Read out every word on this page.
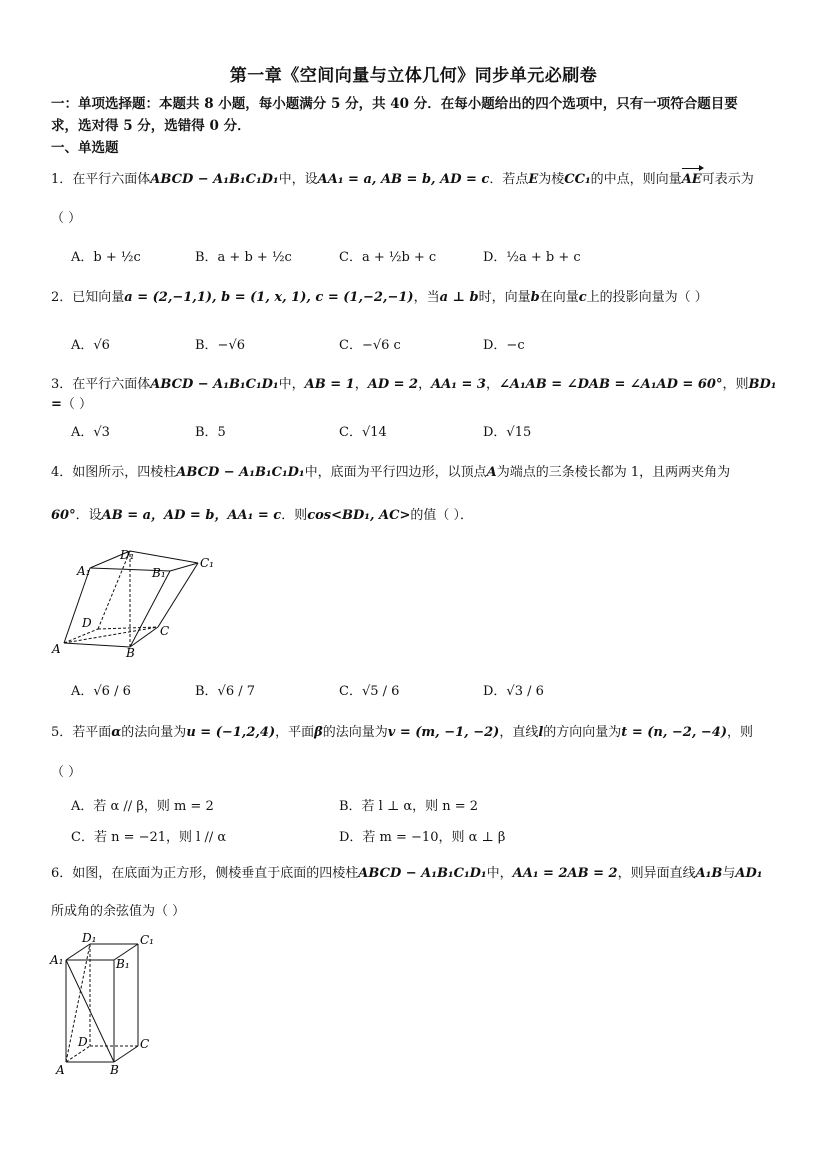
第一章《空间向量与立体几何》同步单元必刷卷
一：单项选择题：本题共 8 小题，每小题满分 5 分，共 40 分．在每小题给出的四个选项中，只有一项符合题目要
求，选对得 5 分，选错得 0 分．
一、单选题
1．在平行六面体ABCD − A₁B₁C₁D₁中，设AA₁ = a, AB = b, AD = c．若点E为棱CC₁的中点，则向量AE可表示为
（ ）
A．b + ½c	B．a + b + ½c	C．a + ½b + c	D．½a + b + c
2．已知向量a = (2,−1,1), b = (1, x, 1), c = (1,−2,−1)，当a ⊥ b时，向量b在向量c上的投影向量为（ ）
A．√6	B．−√6	C．−√6 c	D．−c
3．在平行六面体ABCD − A₁B₁C₁D₁中，AB = 1，AD = 2，AA₁ = 3，∠A₁AB = ∠DAB = ∠A₁AD = 60°，则BD₁ =（ ）
A．√3	B．5	C．√14	D．√15
4．如图所示，四棱柱ABCD − A₁B₁C₁D₁中，底面为平行四边形，以顶点A为端点的三条棱长都为 1，且两两夹角为
60°．设AB = a，AD = b，AA₁ = c．则cos<BD₁, AC>的值（ ）．
D₁
C₁
A₁	B₁
D
C
A	B
A．√6 / 6	B．√6 / 7	C．√5 / 6	D．√3 / 6
5．若平面α的法向量为u = (−1,2,4)，平面β的法向量为v = (m, −1, −2)，直线l的方向向量为t = (n, −2, −4)，则
（ ）
A．若 α // β，则 m = 2	B．若 l ⊥ α，则 n = 2
C．若 n = −21，则 l // α	D．若 m = −10，则 α ⊥ β
6．如图，在底面为正方形，侧棱垂直于底面的四棱柱ABCD − A₁B₁C₁D₁中，AA₁ = 2AB = 2，则异面直线A₁B与AD₁
所成角的余弦值为（ ）
D₁	C₁
A₁	B₁
D	C
A	B
